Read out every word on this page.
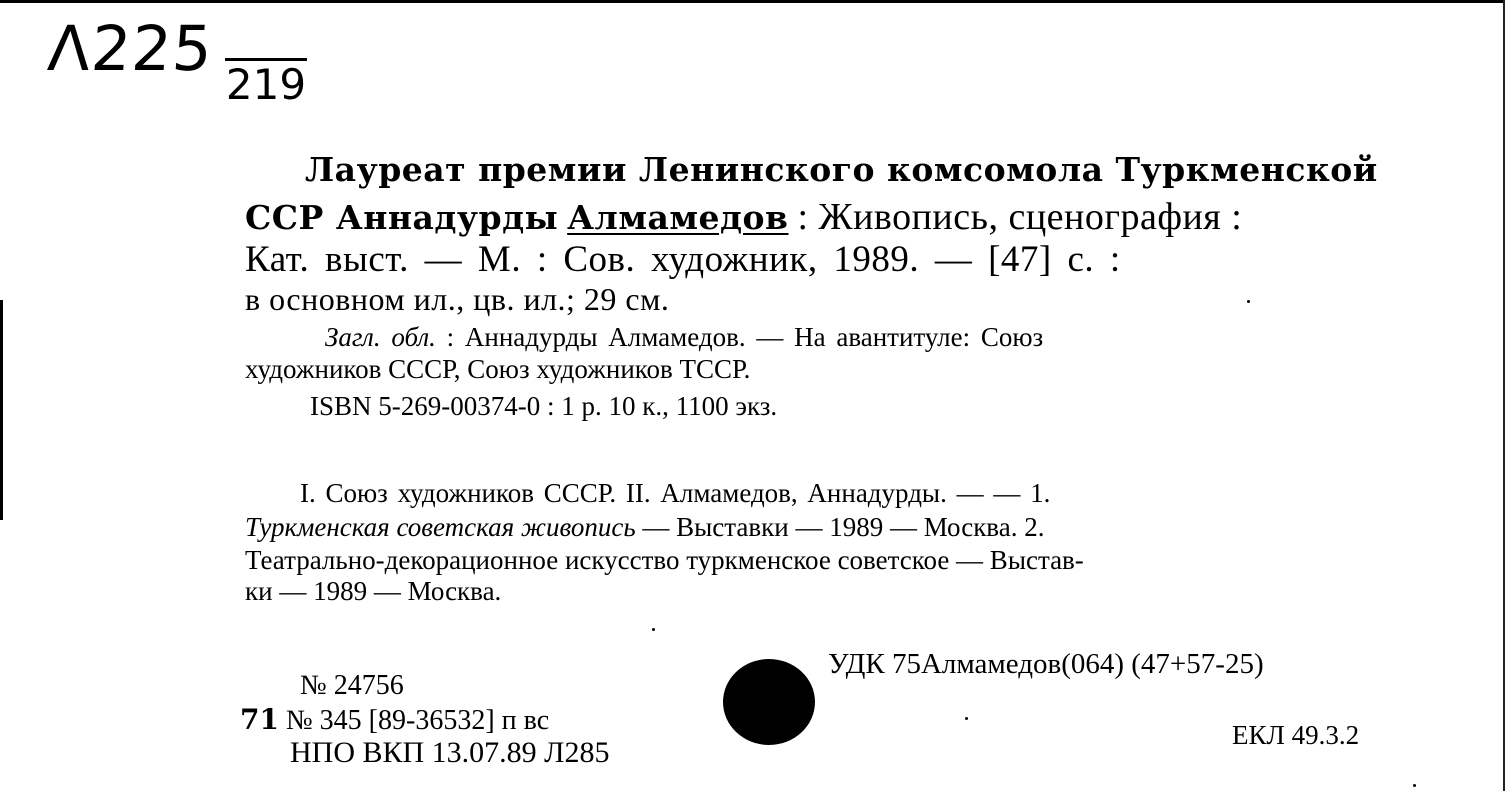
Λ225 219
Лауреат премии Ленинского комсомола Туркменской
ССР Аннадурды Алмамедов : Живопись, сценография :
Кат. выст. — М. : Сов. художник, 1989. — [47] с. :
в основном ил., цв. ил.; 29 см.
Загл. обл. : Аннадурды Алмамедов. — На авантитуле: Союз
художников СССР, Союз художников ТССР.
ISBN 5-269-00374-0 : 1 р. 10 к., 1100 экз.
I. Союз художников СССР. II. Алмамедов, Аннадурды. — — 1.
Туркменская советская живопись — Выставки — 1989 — Москва. 2.
Театрально-декорационное искусство туркменское советское — Выстав-
ки — 1989 — Москва.
УДК 75Алмамедов(064) (47+57-25)
№ 24756
71 № 345 [89-36532] п вс
НПО ВКП 13.07.89 Л285
ЕКЛ 49.3.2
